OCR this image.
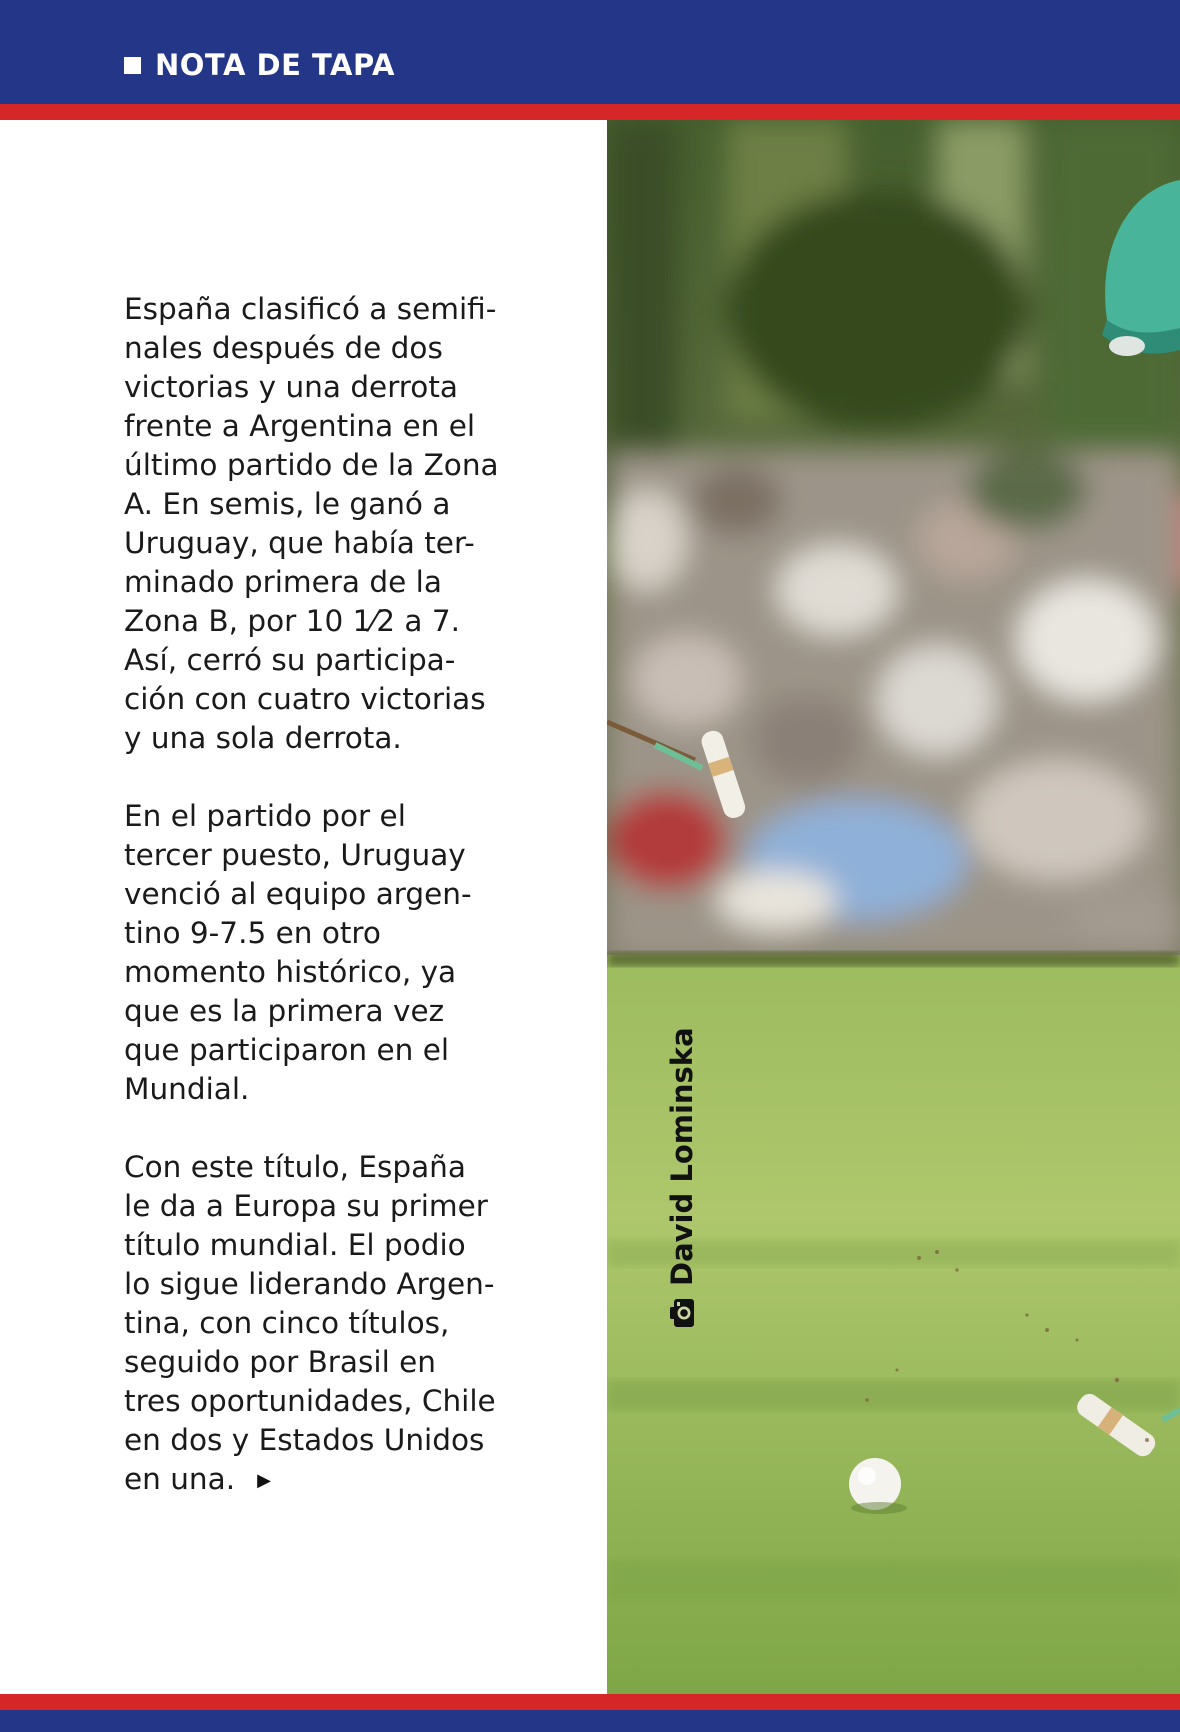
NOTA DE TAPA

España clasificó a semifi-
nales después de dos
victorias y una derrota
frente a Argentina en el
último partido de la Zona
A. En semis, le ganó a
Uruguay, que había ter-
minado primera de la
Zona B, por 10 1⁄2 a 7.
Así, cerró su participa-
ción con cuatro victorias
y una sola derrota.

En el partido por el
tercer puesto, Uruguay
venció al equipo argen-
tino 9-7.5 en otro
momento histórico, ya
que es la primera vez
que participaron en el
Mundial.

Con este título, España
le da a Europa su primer
título mundial. El podio
lo sigue liderando Argen-
tina, con cinco títulos,
seguido por Brasil en
tres oportunidades, Chile
en dos y Estados Unidos
en una. ▶

David Lominska
